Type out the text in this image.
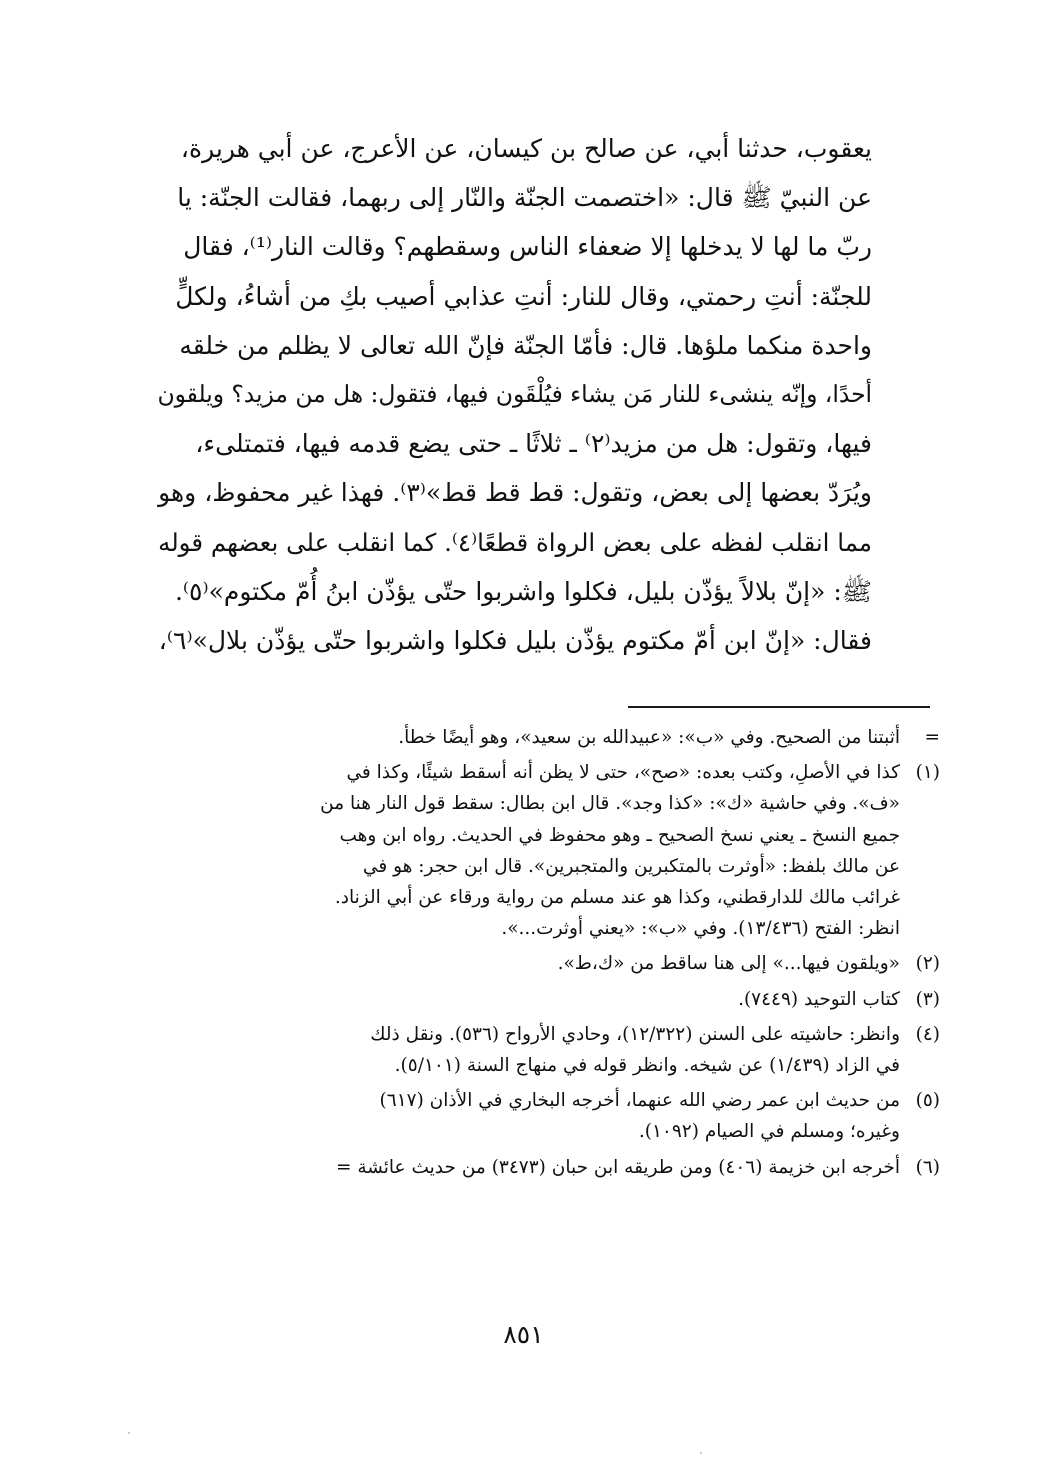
يعقوب، حدثنا أبي، عن صالح بن كيسان، عن الأعرج، عن أبي هريرة،
عن النبيّ ﷺ قال: «اختصمت الجنّة والنّار إلى ربهما، فقالت الجنّة: يا
ربّ ما لها لا يدخلها إلا ضعفاء الناس وسقطهم؟ وقالت النار⁽¹⁾، فقال
للجنّة: أنتِ رحمتي، وقال للنار: أنتِ عذابي أصيب بكِ من أشاءُ، ولكلٍّ
واحدة منكما ملؤها. قال: فأمّا الجنّة فإنّ الله تعالى لا يظلم من خلقه
أحدًا، وإنّه ينشىء للنار مَن يشاء فيُلْقَون فيها، فتقول: هل من مزيد؟ ويلقون
فيها، وتقول: هل من مزيد⁽٢⁾ ـ ثلاثًا ـ حتى يضع قدمه فيها، فتمتلىء،
ويُرَدّ بعضها إلى بعض، وتقول: قط قط قط»⁽٣⁾. فهذا غير محفوظ، وهو
مما انقلب لفظه على بعض الرواة قطعًا⁽٤⁾. كما انقلب على بعضهم قوله
ﷺ: «إنّ بلالاً يؤذّن بليل، فكلوا واشربوا حتّى يؤذّن ابنُ أُمّ مكتوم»⁽٥⁾.
فقال: «إنّ ابن أمّ مكتوم يؤذّن بليل فكلوا واشربوا حتّى يؤذّن بلال»⁽٦⁾،
=
أثبتنا من الصحيح. وفي «ب»: «عبيدالله بن سعيد»، وهو أيضًا خطأ.
(١)
كذا في الأصلِ، وكتب بعده: «صح»، حتى لا يظن أنه أسقط شيئًا، وكذا في
«ف». وفي حاشية «ك»: «كذا وجد». قال ابن بطال: سقط قول النار هنا من
جميع النسخ ـ يعني نسخ الصحيح ـ وهو محفوظ في الحديث. رواه ابن وهب
عن مالك بلفظ: «أوثرت بالمتكبرين والمتجبرين». قال ابن حجر: هو في
غرائب مالك للدارقطني، وكذا هو عند مسلم من رواية ورقاء عن أبي الزناد.
انظر: الفتح (١٣/٤٣٦). وفي «ب»: «يعني أوثرت...».
(٢)
«ويلقون فيها...» إلى هنا ساقط من «ك،ط».
(٣)
كتاب التوحيد (٧٤٤٩).
(٤)
وانظر: حاشيته على السنن (١٢/٣٢٢)، وحادي الأرواح (٥٣٦). ونقل ذلك
في الزاد (١/٤٣٩) عن شيخه. وانظر قوله في منهاج السنة (٥/١٠١).
(٥)
من حديث ابن عمر رضي الله عنهما، أخرجه البخاري في الأذان (٦١٧)
وغيره؛ ومسلم في الصيام (١٠٩٢).
(٦)
أخرجه ابن خزيمة (٤٠٦) ومن طريقه ابن حبان (٣٤٧٣) من حديث عائشة =
٨٥١
